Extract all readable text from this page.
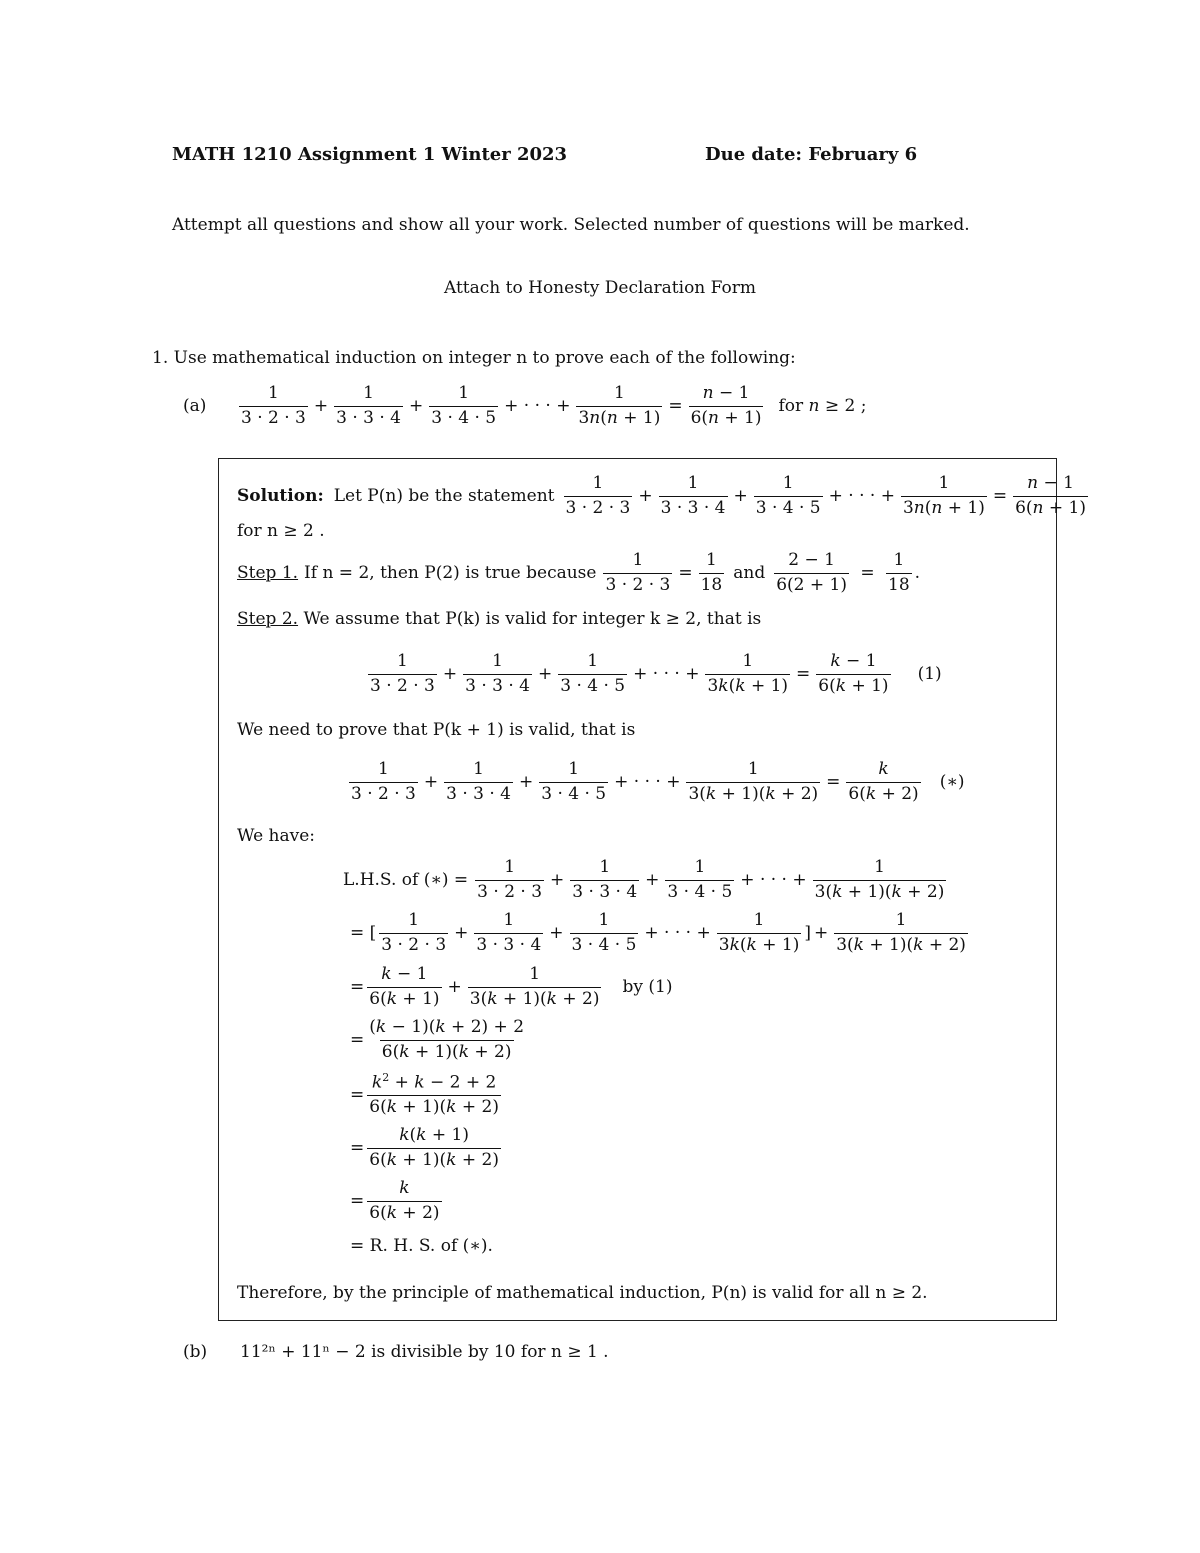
MATH 1210 Assignment 1 Winter 2023	Due date: February 6
Attempt all questions and show all your work. Selected number of questions will be marked.
Attach to Honesty Declaration Form
1. Use mathematical induction on integer n to prove each of the following:
$(a) \frac{1}{3 \cdot 2 \cdot 3} + \frac{1}{3 \cdot 3 \cdot 4} + \frac{1}{3 \cdot 4 \cdot 5}$ + · · · + $\frac{1}{3n(n + 1)} = \frac{n - 1}{6(n + 1)}$ for n ≥ 2 ;
Solution: Let P(n) be the statement $\frac{1}{3 \cdot 2 \cdot 3} + \frac{1}{3 \cdot 3 \cdot 4} + \frac{1}{3 \cdot 4 \cdot 5}$ + · · · + $\frac{1}{3n(n + 1)} = \frac{n - 1}{6(n + 1)}$
for n ≥ 2 .
Step 1. If n = 2, then P(2) is true because $\frac{1}{3 \cdot 2 \cdot 3} = \frac{1}{18}$ and $\frac{2 - 1}{6(2 + 1)} = \frac{1}{18}$ .
Step 2. We assume that P(k) is valid for integer k ≥ 2, that is
$\frac{1}{3 \cdot 2 \cdot 3} + \frac{1}{3 \cdot 3 \cdot 4} + \frac{1}{3 \cdot 4 \cdot 5}$ + · · · + $\frac{1}{3k(k + 1)} = \frac{k - 1}{6(k + 1)} (1)$
We need to prove that P(k + 1) is valid, that is
$\frac{1}{3 \cdot 2 \cdot 3} + \frac{1}{3 \cdot 3 \cdot 4} + \frac{1}{3 \cdot 4 \cdot 5}$ + · · · + $\frac{1}{3(k + 1)(k + 2)} = \frac{k}{6(k + 2)}$ (∗)
We have:
L.H.S. of (∗) = $\frac{1}{3 \cdot 2 \cdot 3} + \frac{1}{3 \cdot 3 \cdot 4} + \frac{1}{3 \cdot 4 \cdot 5}$ + · · · + $\frac{1}{3(k + 1)(k + 2)}$
= [ $\frac{1}{3 \cdot 2 \cdot 3} + \frac{1}{3 \cdot 3 \cdot 4} + \frac{1}{3 \cdot 4 \cdot 5}$ + · · · + $\frac{1}{3k(k + 1)}$ ] + $\frac{1}{3(k + 1)(k + 2)}$
= $\frac{k - 1}{6(k + 1)} + \frac{1}{3(k + 1)(k + 2)}$ by (1)
= $\frac{(k - 1)(k + 2) + 2}{6(k + 1)(k + 2)}$
= $\frac{k^2 + k - 2 + 2}{6(k + 1)(k + 2)}$
= $\frac{k(k + 1)}{6(k + 1)(k + 2)}$
= $\frac{k}{6(k + 2)}$
= R. H. S. of (∗).
Therefore, by the principle of mathematical induction, P(n) is valid for all n ≥ 2.
(b) 11²ⁿ + 11ⁿ − 2 is divisible by 10 for n ≥ 1 .
